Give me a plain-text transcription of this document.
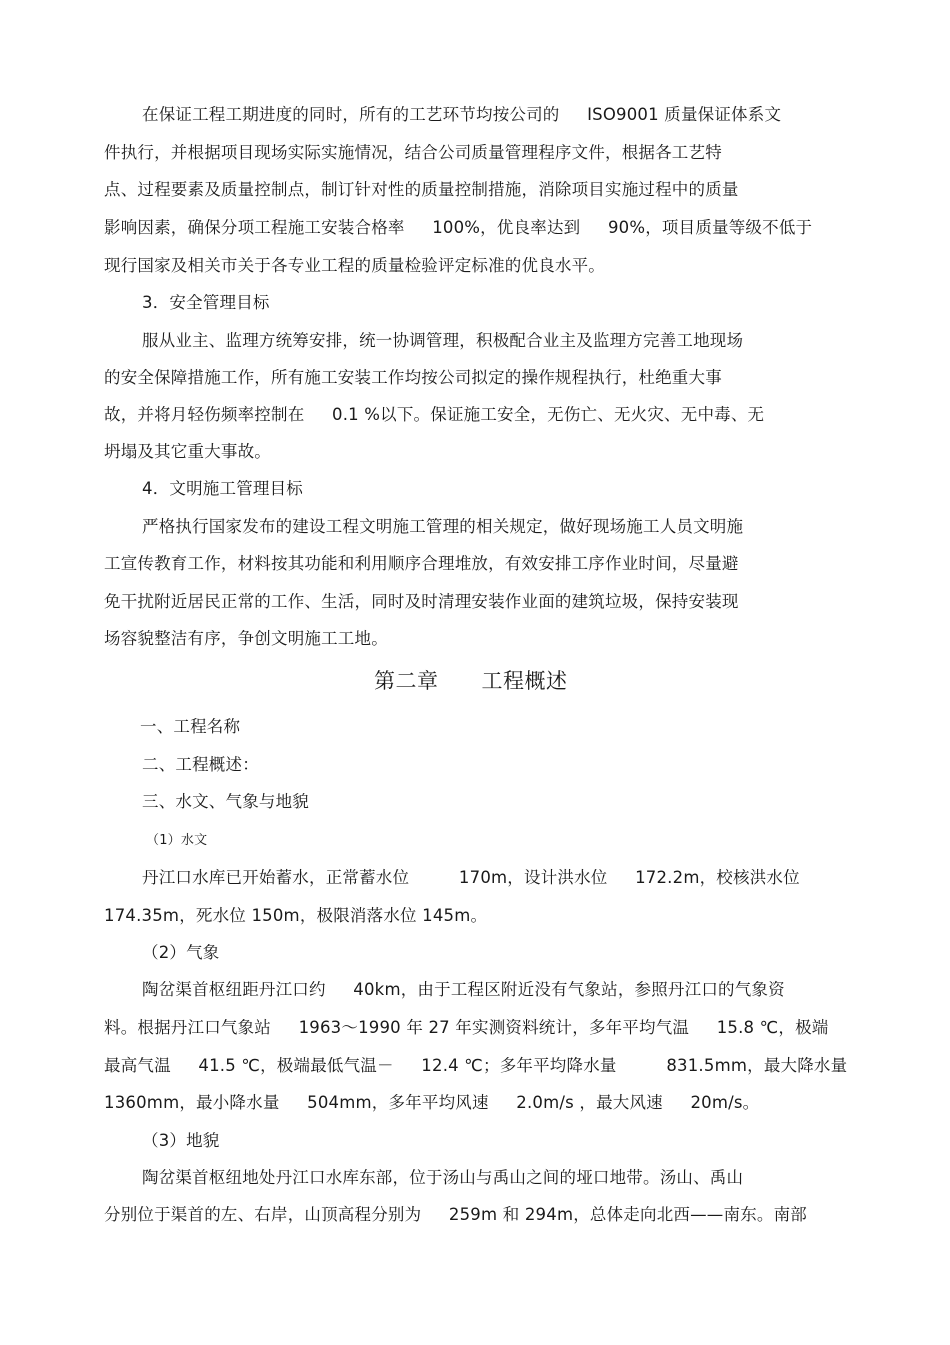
在保证工程工期进度的同时，所有的工艺环节均按公司的 　 ISO9001 质量保证体系文
件执行，并根据项目现场实际实施情况，结合公司质量管理程序文件，根据各工艺特
点、过程要素及质量控制点，制订针对性的质量控制措施，消除项目实施过程中的质量
影响因素，确保分项工程施工安装合格率 　 100%，优良率达到 　 90%，项目质量等级不低于
现行国家及相关市关于各专业工程的质量检验评定标准的优良水平。
3．安全管理目标
服从业主、监理方统筹安排，统一协调管理，积极配合业主及监理方完善工地现场
的安全保障措施工作，所有施工安装工作均按公司拟定的操作规程执行，杜绝重大事
故，并将月轻伤频率控制在 　 0.1 %以下。保证施工安全，无伤亡、无火灾、无中毒、无
坍塌及其它重大事故。
4．文明施工管理目标
严格执行国家发布的建设工程文明施工管理的相关规定，做好现场施工人员文明施
工宣传教育工作，材料按其功能和利用顺序合理堆放，有效安排工序作业时间，尽量避
免干扰附近居民正常的工作、生活，同时及时清理安装作业面的建筑垃圾，保持安装现
场容貌整洁有序，争创文明施工工地。
第二章　　工程概述
一、工程名称
二、工程概述：
三、水文、气象与地貌
（1）水文
丹江口水库已开始蓄水，正常蓄水位 　 　 170m，设计洪水位 　 172.2m，校核洪水位
174.35m，死水位 150m，极限消落水位 145m。
（2）气象
陶岔渠首枢纽距丹江口约 　 40km，由于工程区附近没有气象站，参照丹江口的气象资
料。根据丹江口气象站 　 1963～1990 年 27 年实测资料统计，多年平均气温 　 15.8 ℃，极端
最高气温 　 41.5 ℃，极端最低气温－ 　 12.4 ℃；多年平均降水量 　 　 831.5mm，最大降水量
1360mm，最小降水量 　 504mm，多年平均风速 　 2.0m/s ，最大风速 　 20m/s。
（3）地貌
陶岔渠首枢纽地处丹江口水库东部，位于汤山与禹山之间的垭口地带。汤山、禹山
分别位于渠首的左、右岸，山顶高程分别为 　 259m 和 294m，总体走向北西——南东。南部
